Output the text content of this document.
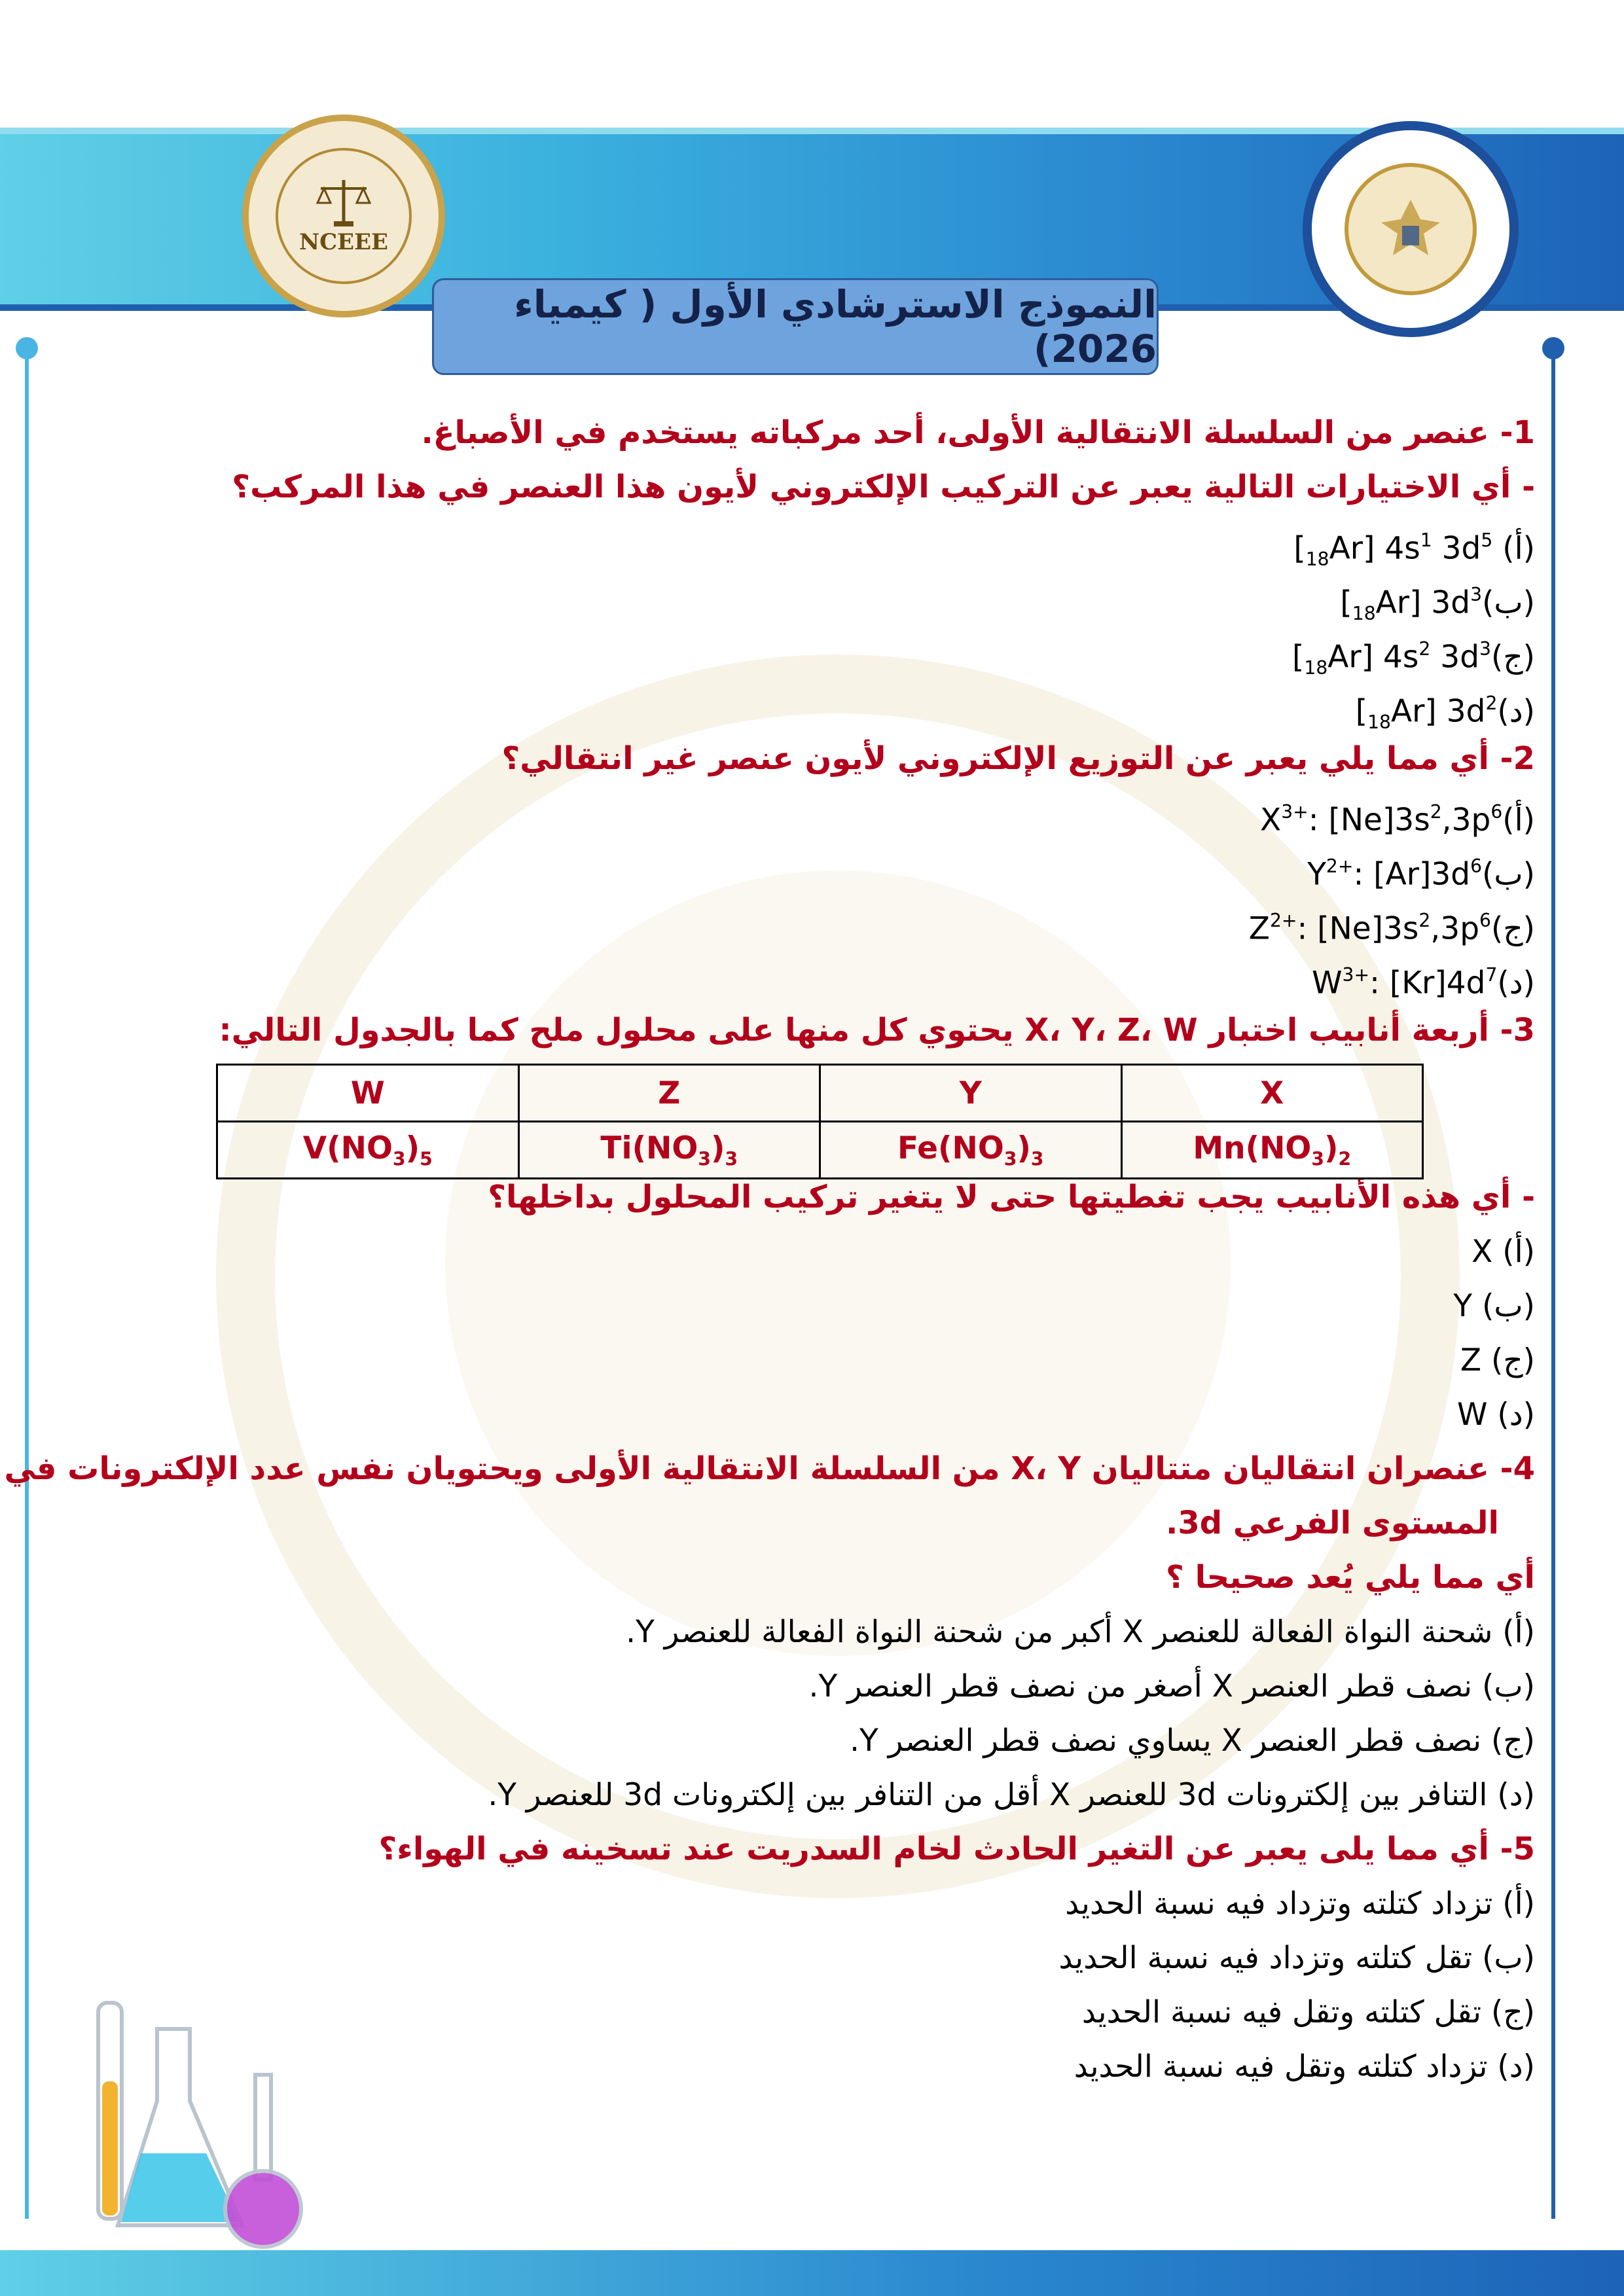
NCEEE
النموذج الاسترشادي الأول ( كيمياء 2026)
1- عنصر من السلسلة الانتقالية الأولى، أحد مركباته يستخدم في الأصباغ.
- أي الاختيارات التالية يعبر عن التركيب الإلكتروني لأيون هذا العنصر في هذا المركب؟
(أ) $[_{18}Ar]$ $4s^1$ $3d^5$
$(ب)[_{18}Ar]$ $3d^3$
$(ج)[_{18}Ar]$ $4s^2$ $3d^3$
$(د)[_{18}Ar]$ $3d^2$
2- أي مما يلي يعبر عن التوزيع الإلكتروني لأيون عنصر غير انتقالي؟
$(أ)X^{3+}$: $[Ne]3s^2,3p^6$
$(ب)Y^{2+}$: $[Ar]3d^6$
$(ج)Z^{2+}$: $[Ne]3s^2,3p^6$
$(د)W^{3+}$: $[Kr]4d^7$
3- أربعة أنابيب اختبار X، Y، Z، W يحتوي كل منها على محلول ملح كما بالجدول التالي:
- أي هذه الأنابيب يجب تغطيتها حتى لا يتغير تركيب المحلول بداخلها؟
(أ) X
(ب) Y
(ج) Z
(د) W
4- عنصران انتقاليان متتاليان X، Y من السلسلة الانتقالية الأولى ويحتويان نفس عدد الإلكترونات في
المستوى الفرعي 3d.
أي مما يلي يُعد صحيحا ؟
(أ) شحنة النواة الفعالة للعنصر X أكبر من شحنة النواة الفعالة للعنصر Y.
(ب) نصف قطر العنصر X أصغر من نصف قطر العنصر Y.
(ج) نصف قطر العنصر X يساوي نصف قطر العنصر Y.
(د) التنافر بين إلكترونات 3d للعنصر X أقل من التنافر بين إلكترونات 3d للعنصر Y.
5- أي مما يلى يعبر عن التغير الحادث لخام السدريت عند تسخينه في الهواء؟
(أ) تزداد كتلته وتزداد فيه نسبة الحديد
(ب) تقل كتلته وتزداد فيه نسبة الحديد
(ج) تقل كتلته وتقل فيه نسبة الحديد
(د) تزداد كتلته وتقل فيه نسبة الحديد
W	Z	Y	X
$V(NO_3)_5$	$Ti(NO_3)_3$	$Fe(NO_3)_3$	$Mn(NO_3)_2$
